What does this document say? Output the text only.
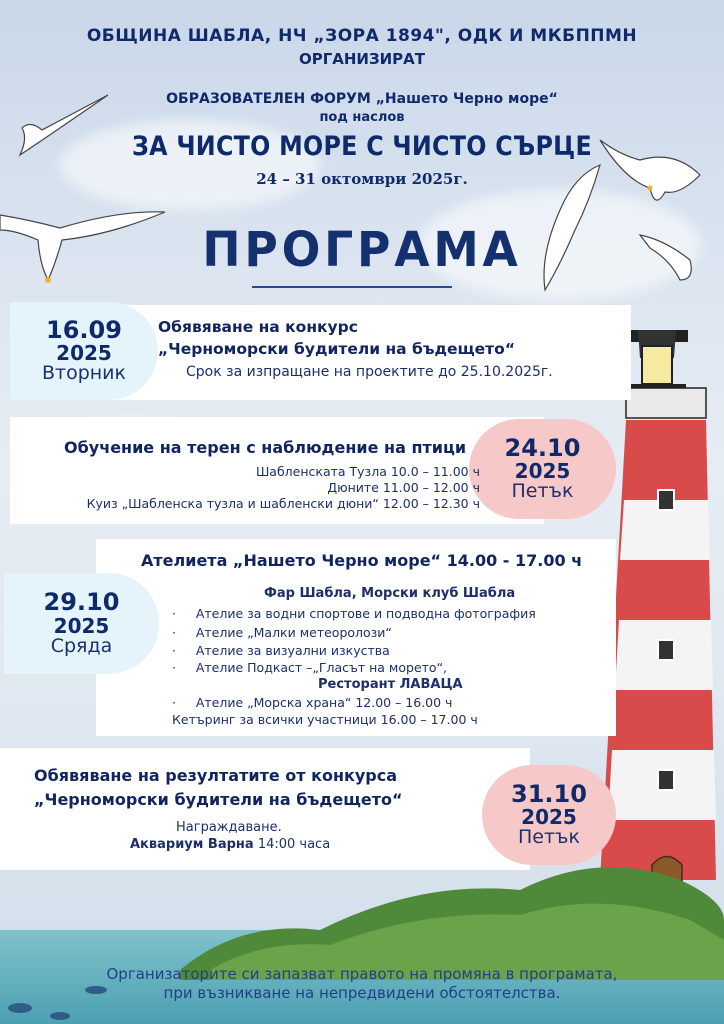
ОБЩИНА ШАБЛА, НЧ „ЗОРА 1894", ОДК И МКБППМН
ОРГАНИЗИРАТ
ОБРАЗОВАТЕЛЕН ФОРУМ „Нашето Черно море“
под наслов
ЗА ЧИСТО МОРЕ С ЧИСТО СЪРЦЕ
24 – 31 октомври 2025г.
ПРОГРАМА
16.09
2025
Вторник
Обявяване на конкурс
„Черноморски будители на бъдещето“
Срок за изпращане на проектите до 25.10.2025г.
24.10
2025
Петък
Обучение на терен с наблюдение на птици
Шабленската Тузла 10.0 – 11.00 ч
Дюните 11.00 – 12.00 ч
Куиз „Шабленска тузла и шабленски дюни“ 12.00 – 12.30 ч
29.10
2025
Сряда
Ателиета „Нашето Черно море“ 14.00 - 17.00 ч
Фар Шабла, Морски клуб Шабла
·     Ателие за водни спортове и подводна фотография
·     Ателие „Малки метеоролози“
·     Ателие за визуални изкуства
·     Ателие Подкаст –„Гласът на морето“,
Ресторант ЛАВАЦА
·     Ателие „Морска храна“ 12.00 – 16.00 ч
Кетъринг за всички участници 16.00 – 17.00 ч
31.10
2025
Петък
Обявяване на резултатите от конкурса
„Черноморски будители на бъдещето“
Награждаване.
Аквариум Варна 14:00 часа
Организаторите си запазват правото на промяна в програмата,
при възникване на непредвидени обстоятелства.
